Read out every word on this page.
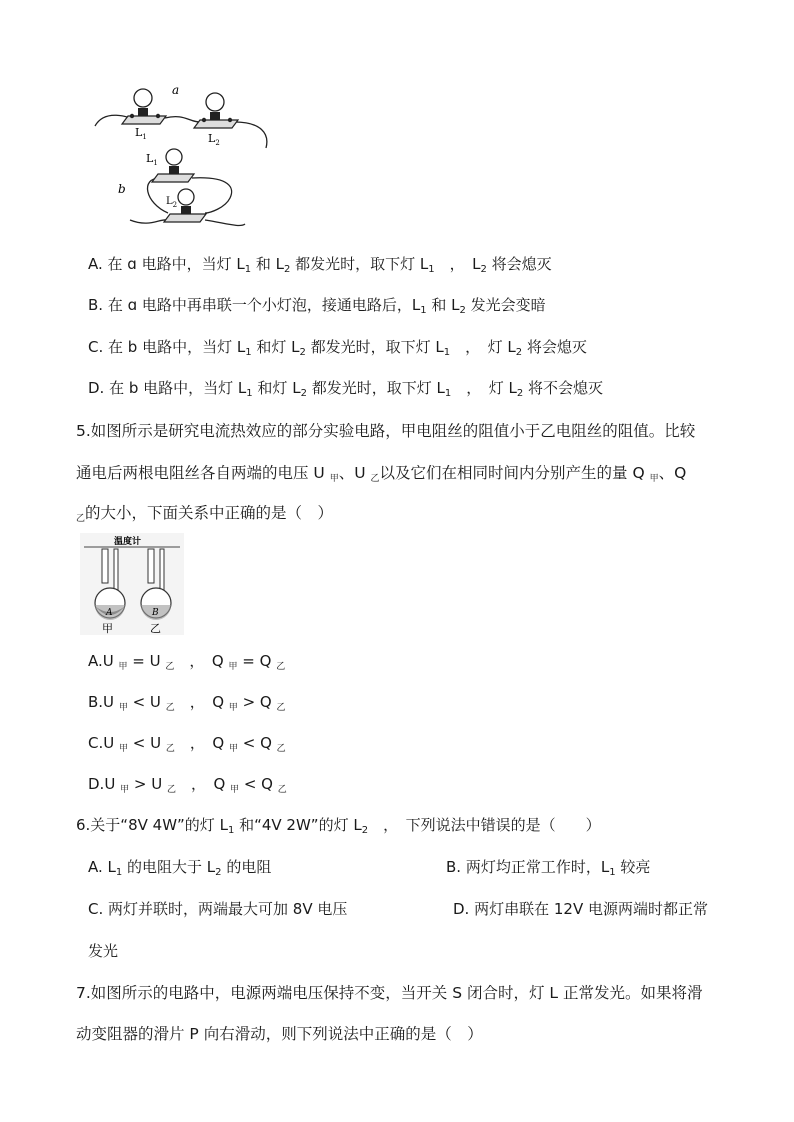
a
$L_1$	$L_2$
b
$L_1$
$L_2$
A. 在 ɑ 电路中，当灯 $L_1$ 和 $L_2$ 都发光时，取下灯 $L_1$　，　$L_2$ 将会熄灭
B. 在 ɑ 电路中再串联一个小灯泡，接通电路后，$L_1$ 和 $L_2$ 发光会变暗
C. 在 b 电路中，当灯 $L_1$ 和灯 $L_2$ 都发光时，取下灯 $L_1$　，　灯 $L_2$ 将会熄灭
D. 在 b 电路中，当灯 $L_1$ 和灯 $L_2$ 都发光时，取下灯 $L_1$　，　灯 $L_2$ 将不会熄灭
5.如图所示是研究电流热效应的部分实验电路，甲电阻丝的阻值小于乙电阻丝的阻值。比较
通电后两根电阻丝各自两端的电压 U $_甲$、U $_乙$以及它们在相同时间内分别产生的量 Q $_甲$、Q
$_乙$的大小，下面关系中正确的是（　）
温度计
A
甲
B
乙
A.U $_甲$ = U $_乙$　，　Q $_甲$ = Q $_乙$
B.U $_甲$ < U $_乙$　，　Q $_甲$ > Q $_乙$
C.U $_甲$ < U $_乙$　，　Q $_甲$ < Q $_乙$
D.U $_甲$ > U $_乙$　，　Q $_甲$ < Q $_乙$
6.关于“8V 4W”的灯 $L_1$ 和“4V 2W”的灯 $L_2$　，　下列说法中错误的是（　　）
A. $L_1$ 的电阻大于 $L_2$ 的电阻	B. 两灯均正常工作时，$L_1$ 较亮
C. 两灯并联时，两端最大可加 8V 电压	D. 两灯串联在 12V 电源两端时都正常
发光
7.如图所示的电路中，电源两端电压保持不变，当开关 S 闭合时，灯 L 正常发光。如果将滑
动变阻器的滑片 P 向右滑动，则下列说法中正确的是（　）
